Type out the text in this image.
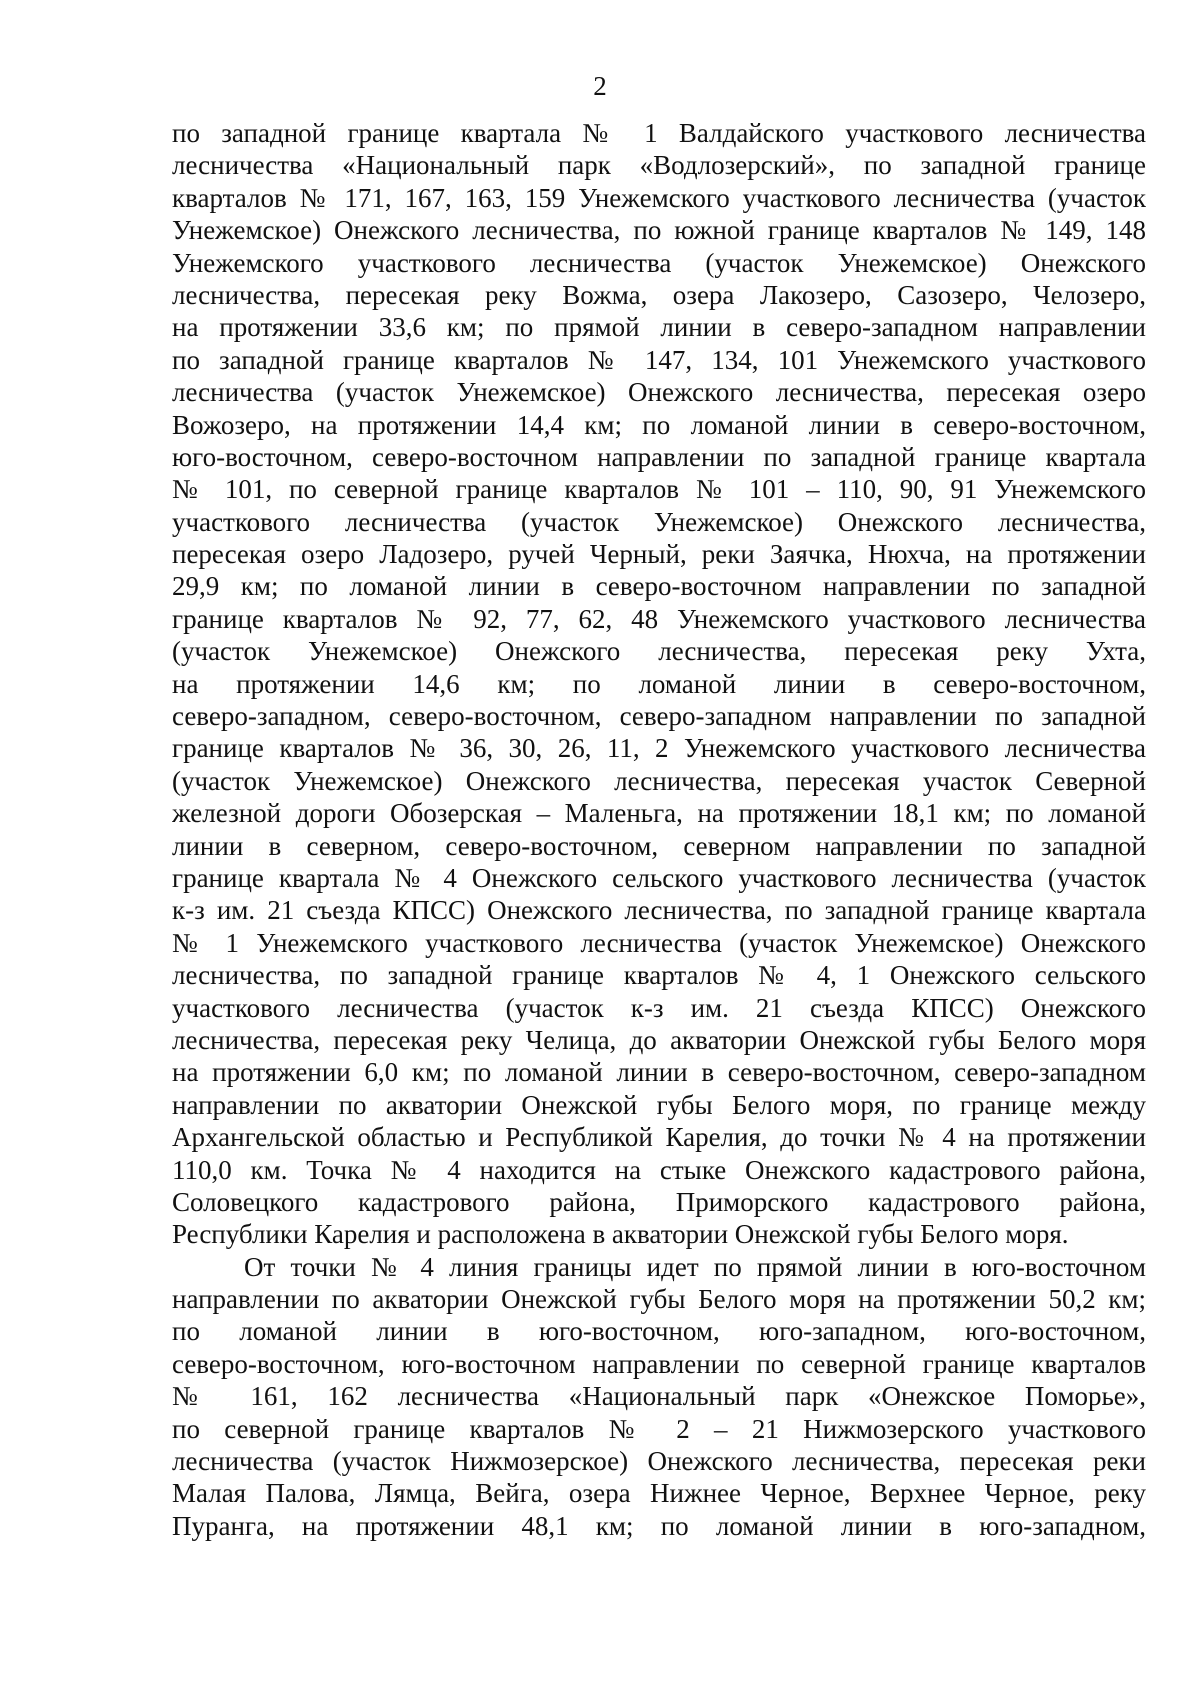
2
по западной границе квартала № 1 Валдайского участкового лесничества
лесничества «Национальный парк «Водлозерский», по западной границе
кварталов № 171, 167, 163, 159 Унежемского участкового лесничества (участок
Унежемское) Онежского лесничества, по южной границе кварталов № 149, 148
Унежемского участкового лесничества (участок Унежемское) Онежского
лесничества, пересекая реку Вожма, озера Лакозеро, Сазозеро, Челозеро,
на протяжении 33,6 км; по прямой линии в северо-западном направлении
по западной границе кварталов № 147, 134, 101 Унежемского участкового
лесничества (участок Унежемское) Онежского лесничества, пересекая озеро
Вожозеро, на протяжении 14,4 км; по ломаной линии в северо-восточном,
юго-восточном, северо-восточном направлении по западной границе квартала
№ 101, по северной границе кварталов № 101 – 110, 90, 91 Унежемского
участкового лесничества (участок Унежемское) Онежского лесничества,
пересекая озеро Ладозеро, ручей Черный, реки Заячка, Нюхча, на протяжении
29,9 км; по ломаной линии в северо-восточном направлении по западной
границе кварталов № 92, 77, 62, 48 Унежемского участкового лесничества
(участок Унежемское) Онежского лесничества, пересекая реку Ухта,
на протяжении 14,6 км; по ломаной линии в северо-восточном,
северо-западном, северо-восточном, северо-западном направлении по западной
границе кварталов № 36, 30, 26, 11, 2 Унежемского участкового лесничества
(участок Унежемское) Онежского лесничества, пересекая участок Северной
железной дороги Обозерская – Маленьга, на протяжении 18,1 км; по ломаной
линии в северном, северо-восточном, северном направлении по западной
границе квартала № 4 Онежского сельского участкового лесничества (участок
к-з им. 21 съезда КПСС) Онежского лесничества, по западной границе квартала
№ 1 Унежемского участкового лесничества (участок Унежемское) Онежского
лесничества, по западной границе кварталов № 4, 1 Онежского сельского
участкового лесничества (участок к-з им. 21 съезда КПСС) Онежского
лесничества, пересекая реку Челица, до акватории Онежской губы Белого моря
на протяжении 6,0 км; по ломаной линии в северо-восточном, северо-западном
направлении по акватории Онежской губы Белого моря, по границе между
Архангельской областью и Республикой Карелия, до точки № 4 на протяжении
110,0 км. Точка № 4 находится на стыке Онежского кадастрового района,
Соловецкого кадастрового района, Приморского кадастрового района,
Республики Карелия и расположена в акватории Онежской губы Белого моря.
От точки № 4 линия границы идет по прямой линии в юго-восточном
направлении по акватории Онежской губы Белого моря на протяжении 50,2 км;
по ломаной линии в юго-восточном, юго-западном, юго-восточном,
северо-восточном, юго-восточном направлении по северной границе кварталов
№ 161, 162 лесничества «Национальный парк «Онежское Поморье»,
по северной границе кварталов № 2 – 21 Нижмозерского участкового
лесничества (участок Нижмозерское) Онежского лесничества, пересекая реки
Малая Палова, Лямца, Вейга, озера Нижнее Черное, Верхнее Черное, реку
Пуранга, на протяжении 48,1 км; по ломаной линии в юго-западном,
